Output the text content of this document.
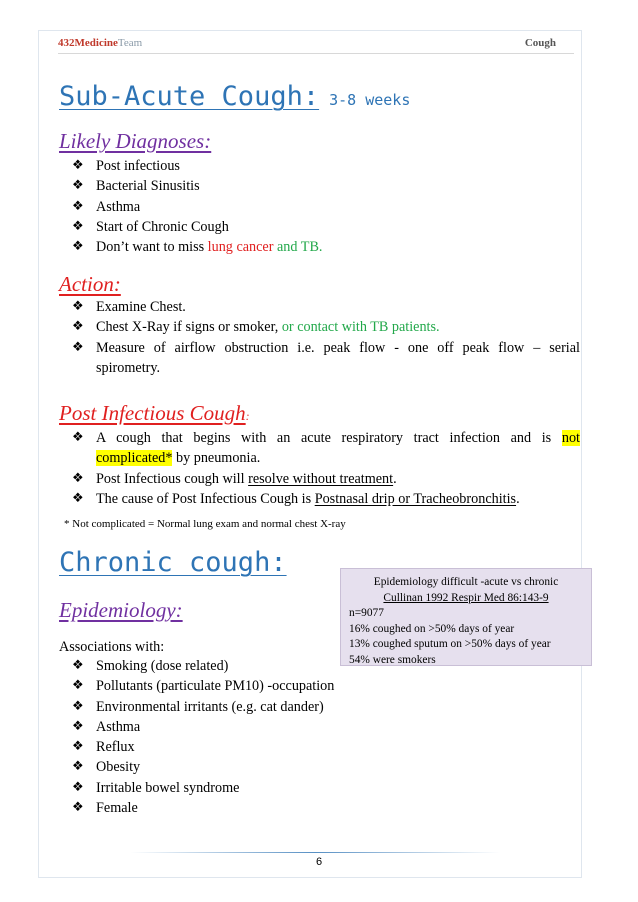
432MedicineTeam	Cough
Sub-Acute Cough: 3-8 weeks
Likely Diagnoses:
❖ Post infectious
❖ Bacterial Sinusitis
❖ Asthma
❖ Start of Chronic Cough
❖ Don’t want to miss lung cancer and TB.
Action:
❖ Examine Chest.
❖ Chest X-Ray if signs or smoker, or contact with TB patients.
❖ Measure of airflow obstruction i.e. peak flow - one off peak flow – serial
spirometry.
Post Infectious Cough:
❖ A cough that begins with an acute respiratory tract infection and is not
complicated* by pneumonia.
❖ Post Infectious cough will resolve without treatment.
❖ The cause of Post Infectious Cough is Postnasal drip or Tracheobronchitis.
* Not complicated = Normal lung exam and normal chest X-ray
Chronic cough:
Epidemiology difficult -acute vs chronic
Cullinan 1992 Respir Med 86:143-9
n=9077
16% coughed on >50% days of year
13% coughed sputum on >50% days of year
54% were smokers
Epidemiology:
Associations with:
❖ Smoking (dose related)
❖ Pollutants (particulate PM10) -occupation
❖ Environmental irritants (e.g. cat dander)
❖ Asthma
❖ Reflux
❖ Obesity
❖ Irritable bowel syndrome
❖ Female
6
